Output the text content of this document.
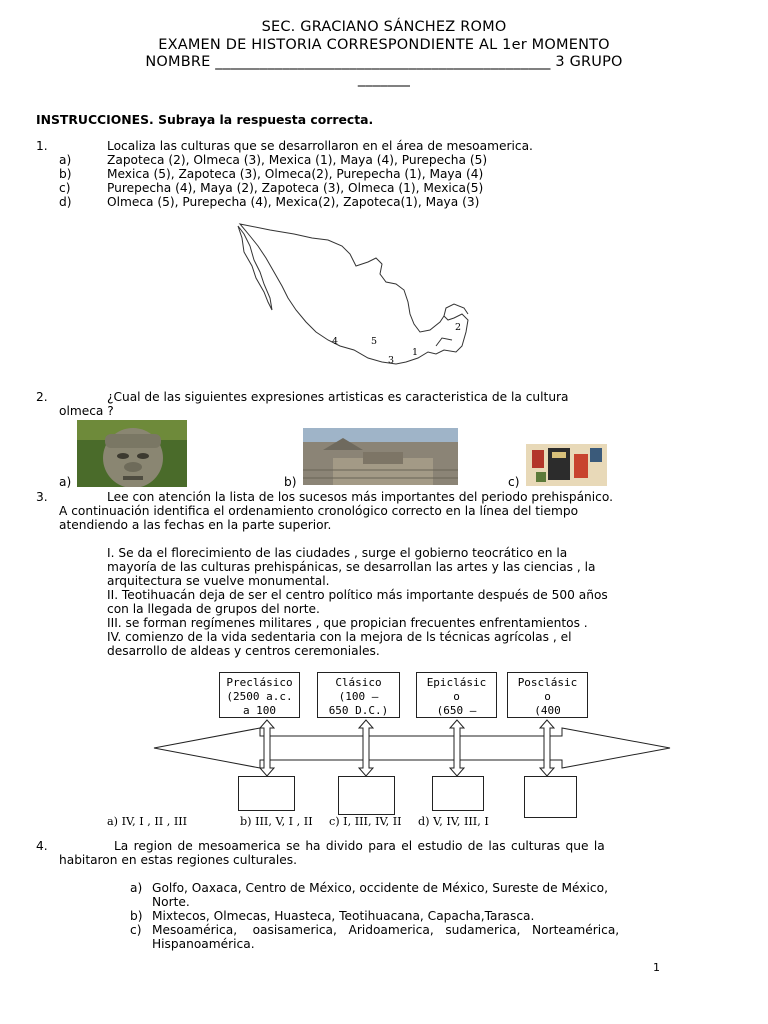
SEC. GRACIANO SÁNCHEZ ROMO
EXAMEN DE HISTORIA CORRESPONDIENTE AL 1er MOMENTO
NOMBRE _____________________________________________ 3 GRUPO
_______
INSTRUCCIONES. Subraya la respuesta correcta.
1.	Localiza las culturas que se desarrollaron en el área de mesoamerica.
a)	Zapoteca (2), Olmeca (3), Mexica (1), Maya (4), Purepecha (5)
b)	Mexica (5), Zapoteca (3), Olmeca(2), Purepecha (1), Maya (4)
c)	Purepecha (4), Maya (2), Zapoteca (3), Olmeca (1), Mexica(5)
d)	Olmeca (5), Purepecha (4), Mexica(2), Zapoteca(1), Maya (3)
4	5
3
1
2
2.	¿Cual de las siguientes expresiones artisticas es caracteristica de la cultura
olmeca ?
a)	b)	c)
3.	Lee con atención la lista de los sucesos más importantes del periodo prehispánico.
A continuación identifica el ordenamiento cronológico correcto en la línea del tiempo
atendiendo a las fechas en la parte superior.
I. Se da el florecimiento de las ciudades , surge el gobierno teocrático en la
mayoría de las culturas prehispánicas, se desarrollan las artes y las ciencias , la
arquitectura se vuelve monumental.
II. Teotihuacán deja de ser el centro político más importante después de 500 años
con la llegada de grupos del norte.
III. se forman regímenes militares , que propician frecuentes enfrentamientos .
IV. comienzo de la vida sedentaria con la mejora de ls técnicas agrícolas , el
desarrollo de aldeas y centros ceremoniales.
Preclásico
(2500 a.c.
a 100
Clásico
(100 –
650 D.C.)
Epiclásic
o
(650 –
Posclásic
o
(400
a) IV, I , II , III	b) III, V, I , II c) I, III, IV, II d) V, IV, III, I
4.	La region de mesoamerica se ha divido para el estudio de las culturas que la
habitaron en estas regiones culturales.
a) Golfo, Oaxaca, Centro de México, occidente de México, Sureste de México,
Norte.
b) Mixtecos, Olmecas, Huasteca, Teotihuacana, Capacha,Tarasca.
c) Mesoamérica,    oasisamerica,   Aridoamerica,   sudamerica,   Norteamérica,
Hispanoamérica.
1
